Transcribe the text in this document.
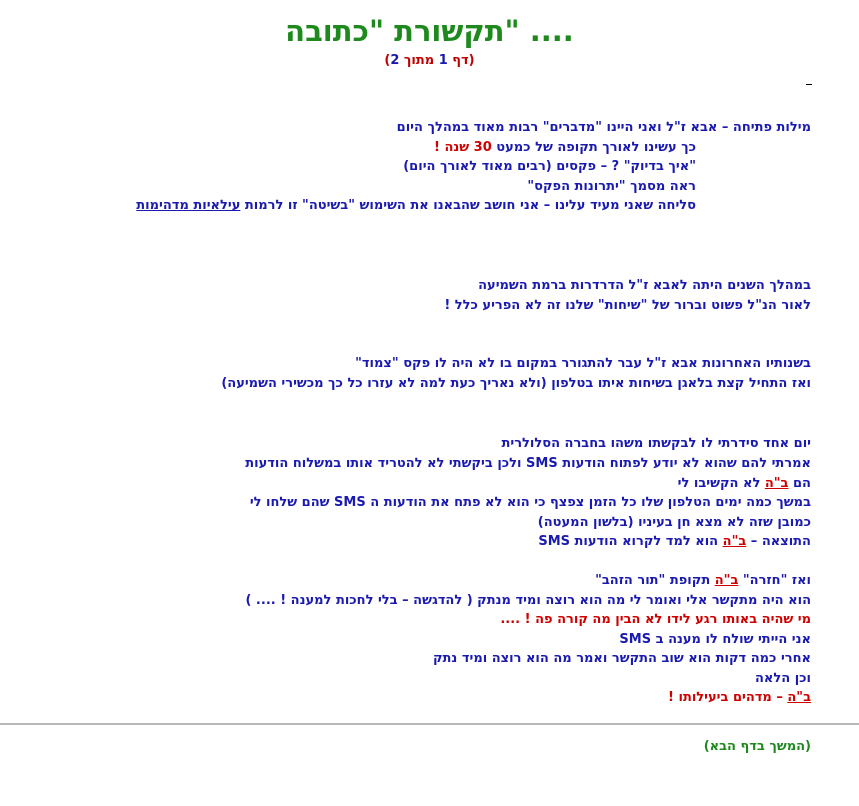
תקשורת "כתובה" ....
(דף 1 מתוך 2)

מילות פתיחה – אבא ז"ל ואני היינו "מדברים" רבות מאוד במהלך היום

כך עשינו לאורך תקופה של כמעט 30 שנה !

"איך בדיוק" ? – פקסים (רבים מאוד לאורך היום)

ראה מסמך "יתרונות הפקס"

סליחה שאני מעיד עלינו – אני חושב שהבאנו את השימוש "בשיטה" זו לרמות עילאיות מדהימות

במהלך השנים היתה לאבא ז"ל הדרדרות ברמת השמיעה

לאור הנ"ל פשוט וברור של "שיחות" שלנו זה לא הפריע כלל !

בשנותיו האחרונות אבא ז"ל עבר להתגורר במקום בו לא היה לו פקס "צמוד"

ואז התחיל קצת בלאגן בשיחות איתו בטלפון (ולא נאריך כעת למה לא עזרו כל כך מכשירי השמיעה)

יום אחד סידרתי לו לבקשתו משהו בחברה הסלולרית

אמרתי להם שהוא לא יודע לפתוח הודעות SMS ולכן ביקשתי לא להטריד אותו במשלוח הודעות

הם ב"ה לא הקשיבו לי

במשך כמה ימים הטלפון שלו כל הזמן צפצף כי הוא לא פתח את הודעות ה SMS שהם שלחו לי

כמובן שזה לא מצא חן בעיניו (בלשון המעטה)

התוצאה – ב"ה הוא למד לקרוא הודעות SMS

ואז "חזרה" ב"ה תקופת "תור הזהב"

הוא היה מתקשר אלי ואומר לי מה הוא רוצה ומיד מנתק ( להדגשה – בלי לחכות למענה ! .... )

מי שהיה באותו רגע לידו לא הבין מה קורה פה ! ....

אני הייתי שולח לו מענה ב SMS

אחרי כמה דקות הוא שוב התקשר ואמר מה הוא רוצה ומיד נתק

וכן הלאה

ב"ה – מדהים ביעילותו !

(המשך בדף הבא)
